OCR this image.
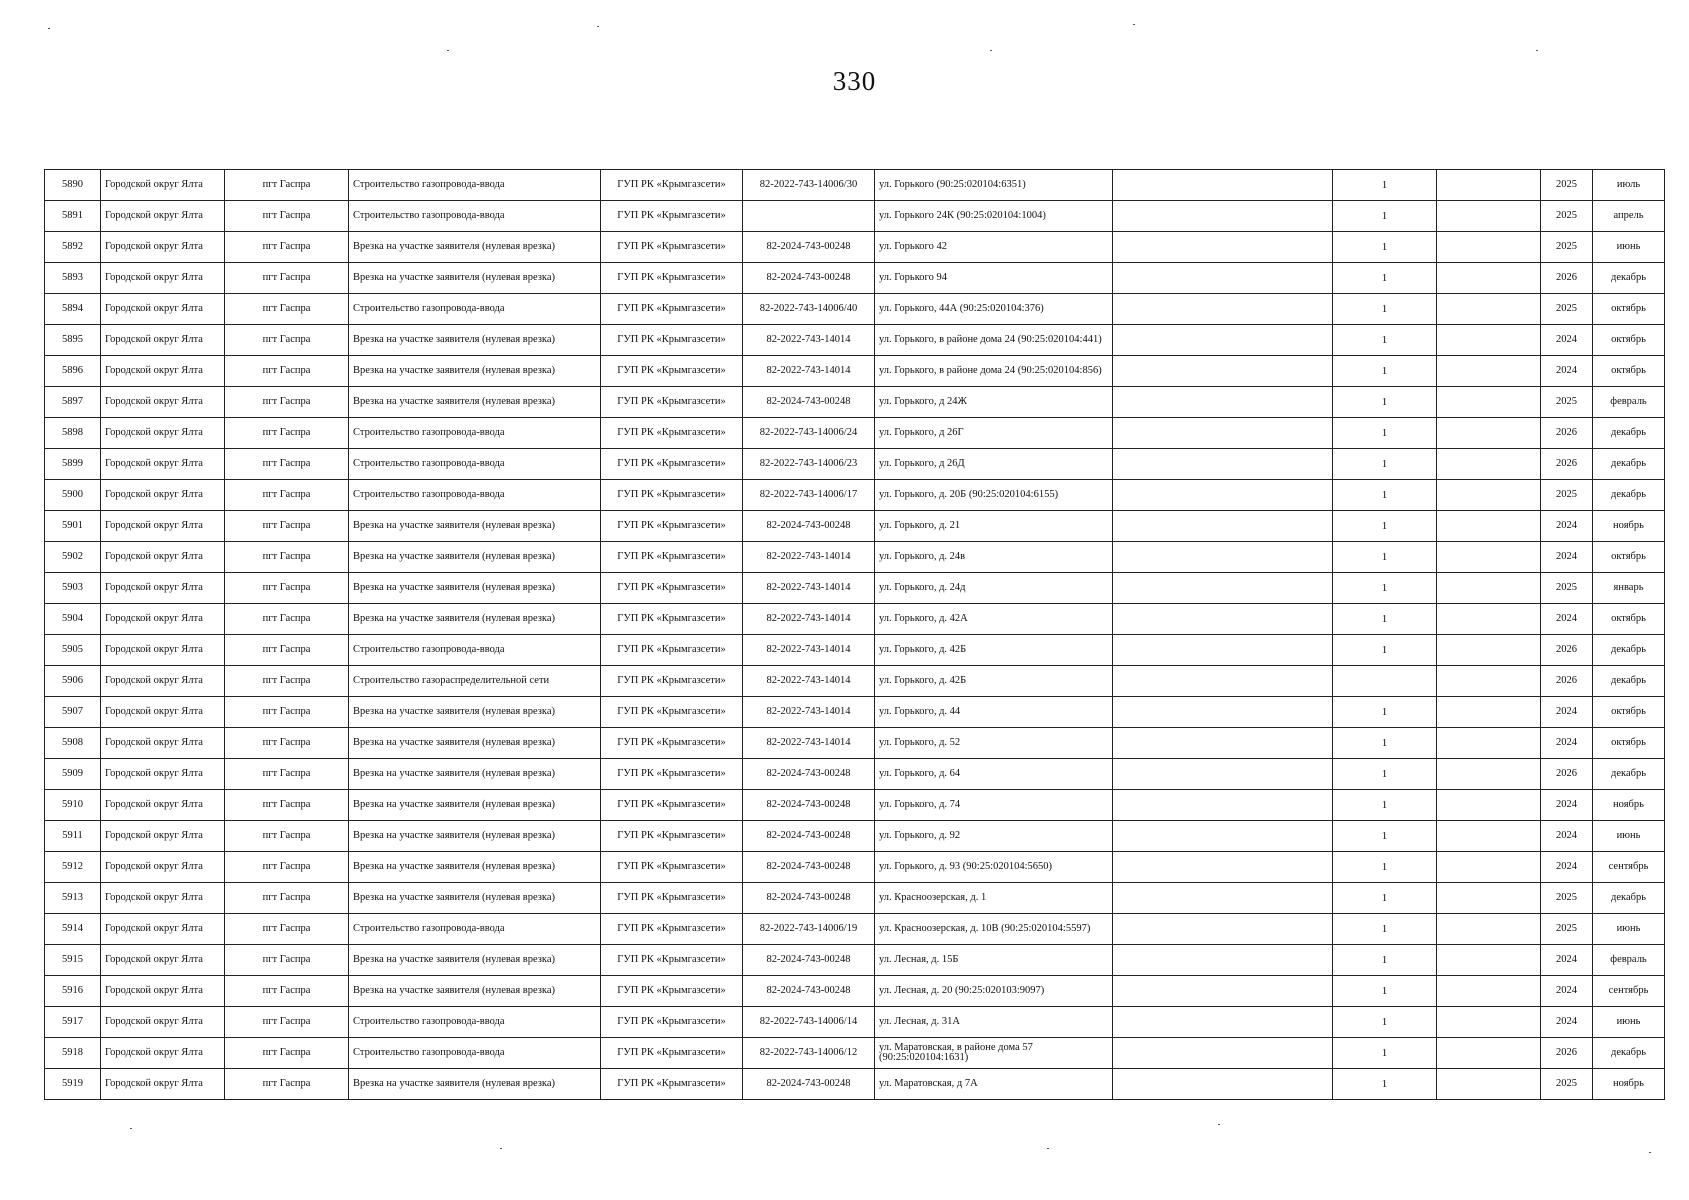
330
5890	Городской округ Ялта	пгт Гаспра	Строительство газопровода-ввода	ГУП РК «Крымгазсети»	82-2022-743-14006/30	ул. Горького (90:25:020104:6351)		1		2025	июль
5891	Городской округ Ялта	пгт Гаспра	Строительство газопровода-ввода	ГУП РК «Крымгазсети»		ул. Горького 24К (90:25:020104:1004)		1		2025	апрель
5892	Городской округ Ялта	пгт Гаспра	Врезка на участке заявителя (нулевая врезка)	ГУП РК «Крымгазсети»	82-2024-743-00248	ул. Горького 42		1		2025	июнь
5893	Городской округ Ялта	пгт Гаспра	Врезка на участке заявителя (нулевая врезка)	ГУП РК «Крымгазсети»	82-2024-743-00248	ул. Горького 94		1		2026	декабрь
5894	Городской округ Ялта	пгт Гаспра	Строительство газопровода-ввода	ГУП РК «Крымгазсети»	82-2022-743-14006/40	ул. Горького, 44А (90:25:020104:376)		1		2025	октябрь
5895	Городской округ Ялта	пгт Гаспра	Врезка на участке заявителя (нулевая врезка)	ГУП РК «Крымгазсети»	82-2022-743-14014	ул. Горького, в районе дома 24 (90:25:020104:441)		1		2024	октябрь
5896	Городской округ Ялта	пгт Гаспра	Врезка на участке заявителя (нулевая врезка)	ГУП РК «Крымгазсети»	82-2022-743-14014	ул. Горького, в районе дома 24 (90:25:020104:856)		1		2024	октябрь
5897	Городской округ Ялта	пгт Гаспра	Врезка на участке заявителя (нулевая врезка)	ГУП РК «Крымгазсети»	82-2024-743-00248	ул. Горького, д 24Ж		1		2025	февраль
5898	Городской округ Ялта	пгт Гаспра	Строительство газопровода-ввода	ГУП РК «Крымгазсети»	82-2022-743-14006/24	ул. Горького, д 26Г		1		2026	декабрь
5899	Городской округ Ялта	пгт Гаспра	Строительство газопровода-ввода	ГУП РК «Крымгазсети»	82-2022-743-14006/23	ул. Горького, д 26Д		1		2026	декабрь
5900	Городской округ Ялта	пгт Гаспра	Строительство газопровода-ввода	ГУП РК «Крымгазсети»	82-2022-743-14006/17	ул. Горького, д. 20Б (90:25:020104:6155)		1		2025	декабрь
5901	Городской округ Ялта	пгт Гаспра	Врезка на участке заявителя (нулевая врезка)	ГУП РК «Крымгазсети»	82-2024-743-00248	ул. Горького, д. 21		1		2024	ноябрь
5902	Городской округ Ялта	пгт Гаспра	Врезка на участке заявителя (нулевая врезка)	ГУП РК «Крымгазсети»	82-2022-743-14014	ул. Горького, д. 24в		1		2024	октябрь
5903	Городской округ Ялта	пгт Гаспра	Врезка на участке заявителя (нулевая врезка)	ГУП РК «Крымгазсети»	82-2022-743-14014	ул. Горького, д. 24д		1		2025	январь
5904	Городской округ Ялта	пгт Гаспра	Врезка на участке заявителя (нулевая врезка)	ГУП РК «Крымгазсети»	82-2022-743-14014	ул. Горького, д. 42А		1		2024	октябрь
5905	Городской округ Ялта	пгт Гаспра	Строительство газопровода-ввода	ГУП РК «Крымгазсети»	82-2022-743-14014	ул. Горького, д. 42Б		1		2026	декабрь
5906	Городской округ Ялта	пгт Гаспра	Строительство газораспределительной сети	ГУП РК «Крымгазсети»	82-2022-743-14014	ул. Горького, д. 42Б				2026	декабрь
5907	Городской округ Ялта	пгт Гаспра	Врезка на участке заявителя (нулевая врезка)	ГУП РК «Крымгазсети»	82-2022-743-14014	ул. Горького, д. 44		1		2024	октябрь
5908	Городской округ Ялта	пгт Гаспра	Врезка на участке заявителя (нулевая врезка)	ГУП РК «Крымгазсети»	82-2022-743-14014	ул. Горького, д. 52		1		2024	октябрь
5909	Городской округ Ялта	пгт Гаспра	Врезка на участке заявителя (нулевая врезка)	ГУП РК «Крымгазсети»	82-2024-743-00248	ул. Горького, д. 64		1		2026	декабрь
5910	Городской округ Ялта	пгт Гаспра	Врезка на участке заявителя (нулевая врезка)	ГУП РК «Крымгазсети»	82-2024-743-00248	ул. Горького, д. 74		1		2024	ноябрь
5911	Городской округ Ялта	пгт Гаспра	Врезка на участке заявителя (нулевая врезка)	ГУП РК «Крымгазсети»	82-2024-743-00248	ул. Горького, д. 92		1		2024	июнь
5912	Городской округ Ялта	пгт Гаспра	Врезка на участке заявителя (нулевая врезка)	ГУП РК «Крымгазсети»	82-2024-743-00248	ул. Горького, д. 93 (90:25:020104:5650)		1		2024	сентябрь
5913	Городской округ Ялта	пгт Гаспра	Врезка на участке заявителя (нулевая врезка)	ГУП РК «Крымгазсети»	82-2024-743-00248	ул. Красноозерская, д. 1		1		2025	декабрь
5914	Городской округ Ялта	пгт Гаспра	Строительство газопровода-ввода	ГУП РК «Крымгазсети»	82-2022-743-14006/19	ул. Красноозерская, д. 10В (90:25:020104:5597)		1		2025	июнь
5915	Городской округ Ялта	пгт Гаспра	Врезка на участке заявителя (нулевая врезка)	ГУП РК «Крымгазсети»	82-2024-743-00248	ул. Лесная, д. 15Б		1		2024	февраль
5916	Городской округ Ялта	пгт Гаспра	Врезка на участке заявителя (нулевая врезка)	ГУП РК «Крымгазсети»	82-2024-743-00248	ул. Лесная, д. 20 (90:25:020103:9097)		1		2024	сентябрь
5917	Городской округ Ялта	пгт Гаспра	Строительство газопровода-ввода	ГУП РК «Крымгазсети»	82-2022-743-14006/14	ул. Лесная, д. 31А		1		2024	июнь
5918	Городской округ Ялта	пгт Гаспра	Строительство газопровода-ввода	ГУП РК «Крымгазсети»	82-2022-743-14006/12	ул. Маратовская, в районе дома 57 (90:25:020104:1631)		1		2026	декабрь
5919	Городской округ Ялта	пгт Гаспра	Врезка на участке заявителя (нулевая врезка)	ГУП РК «Крымгазсети»	82-2024-743-00248	ул. Маратовская, д 7А		1		2025	ноябрь
